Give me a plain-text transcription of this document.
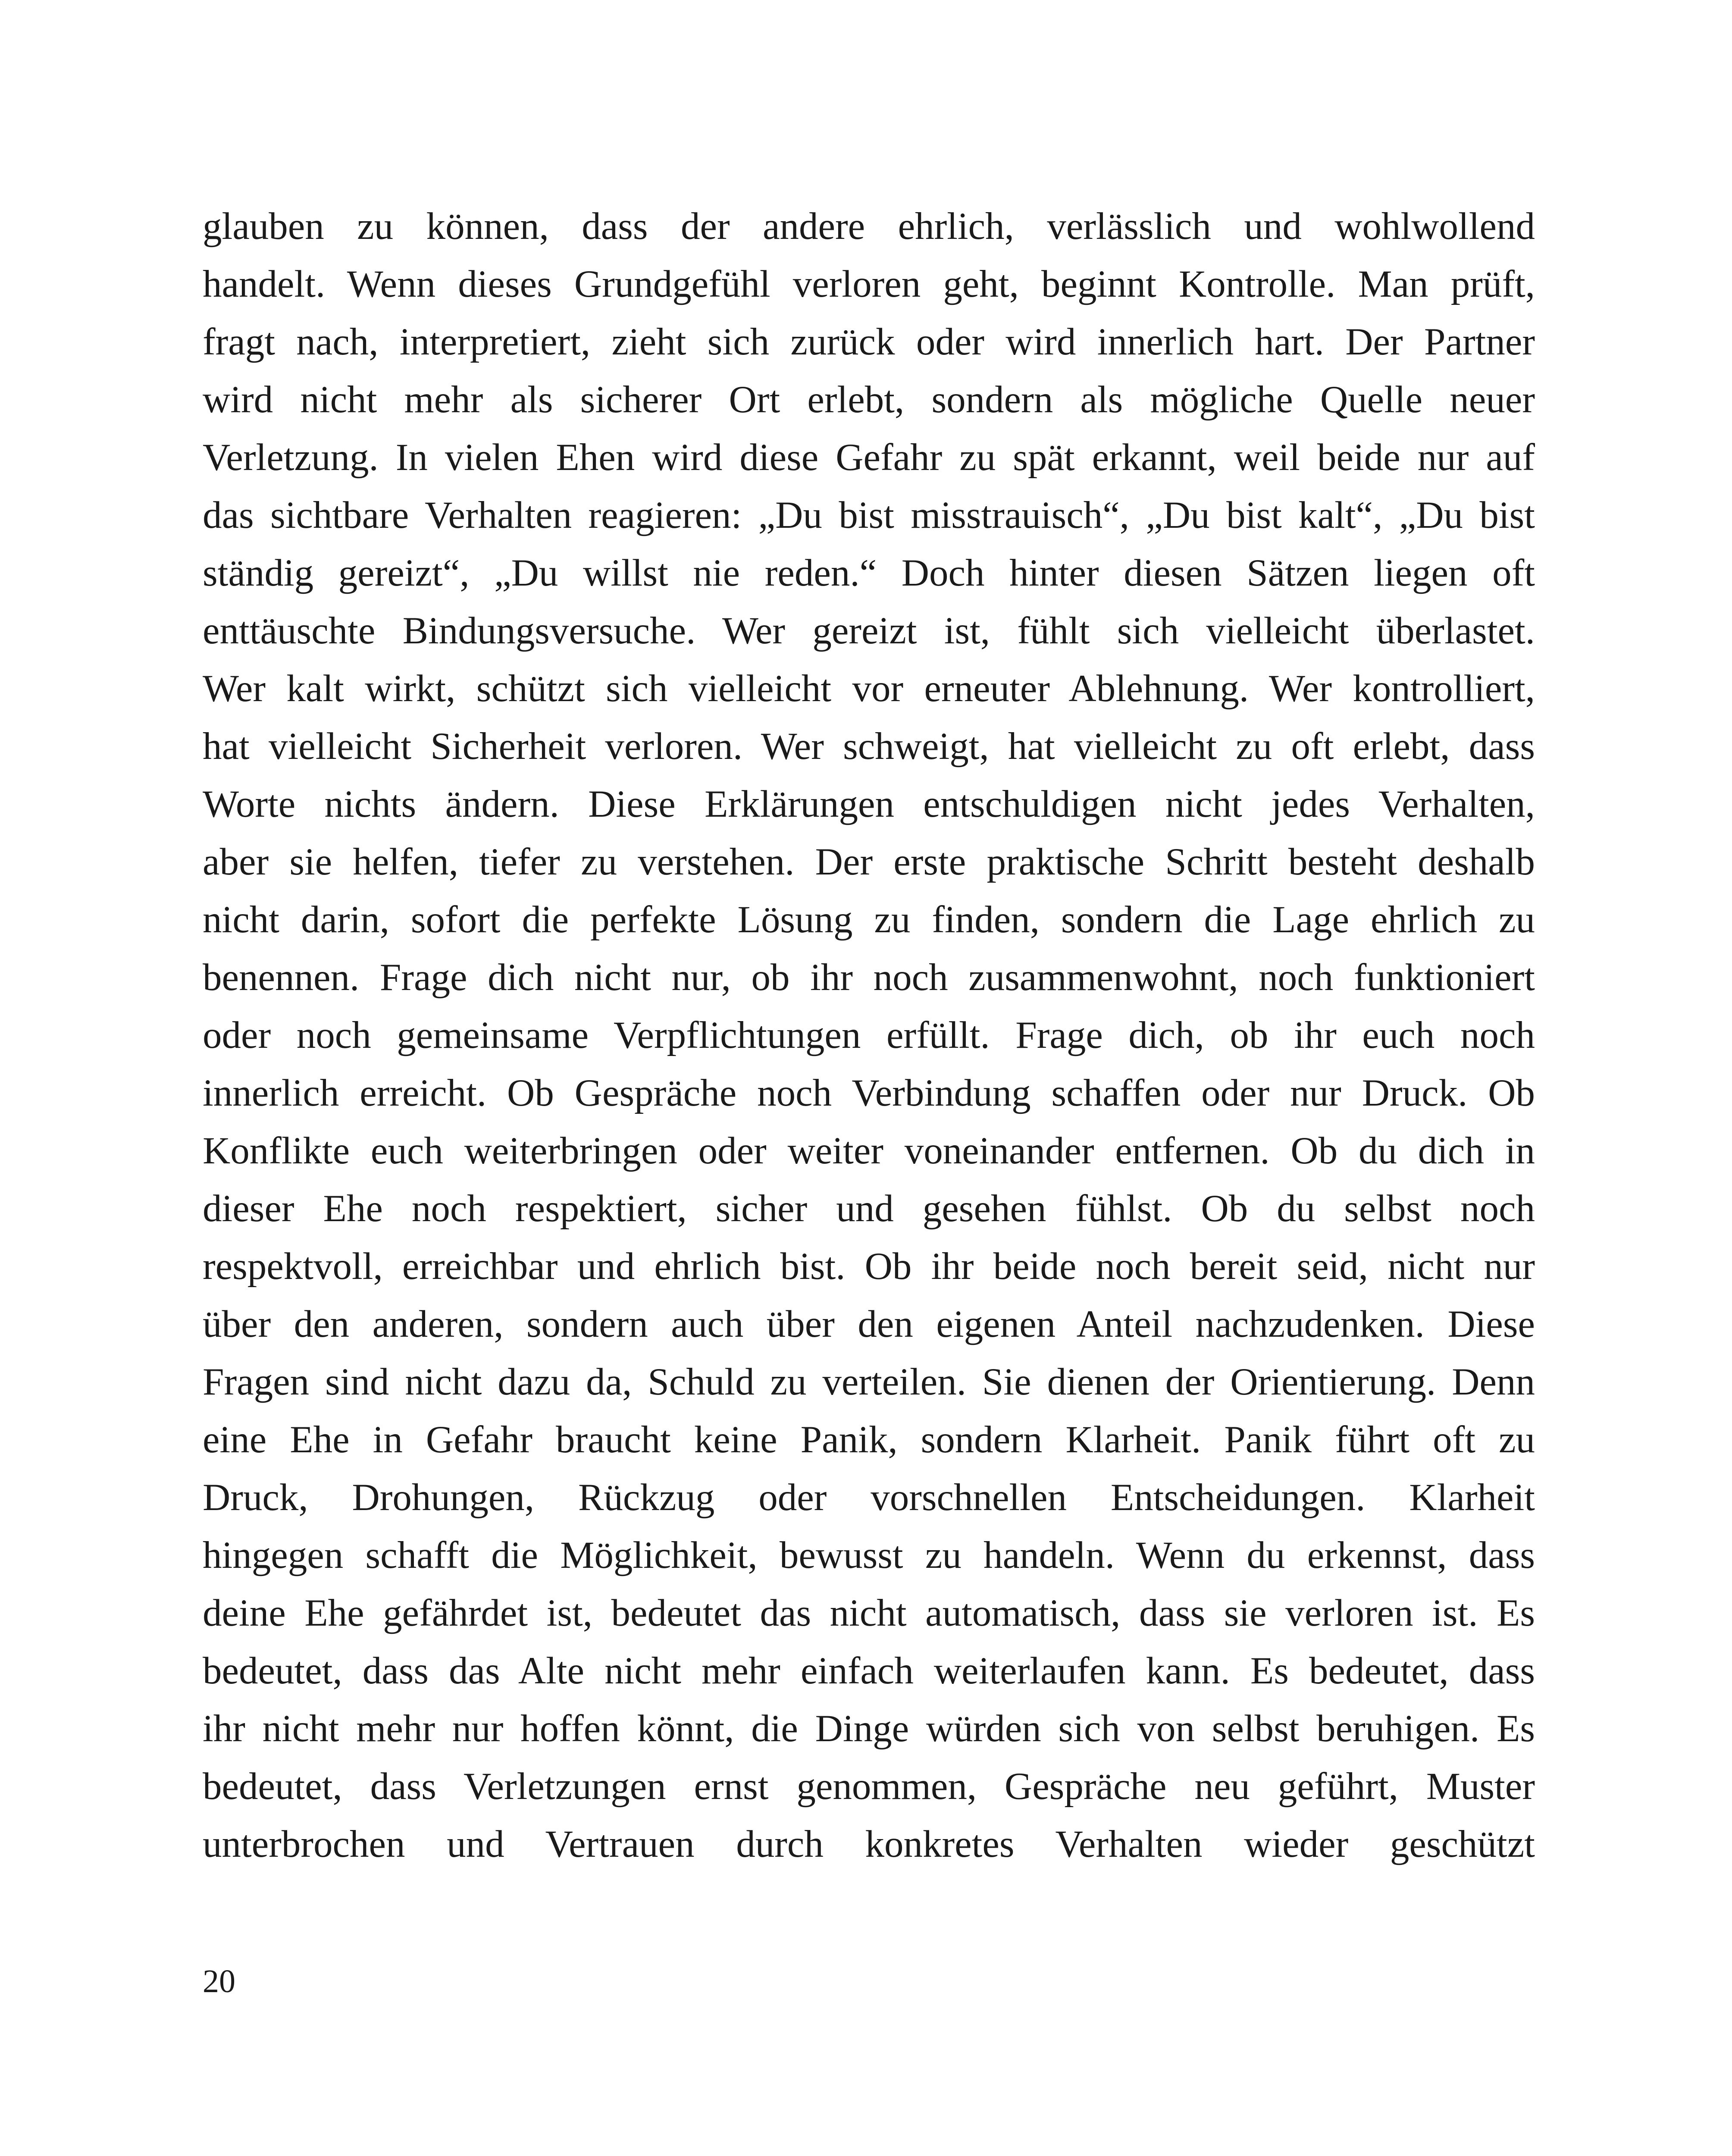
glauben zu können, dass der andere ehrlich, verlässlich und wohlwollend
handelt. Wenn dieses Grundgefühl verloren geht, beginnt Kontrolle. Man prüft,
fragt nach, interpretiert, zieht sich zurück oder wird innerlich hart. Der Partner
wird nicht mehr als sicherer Ort erlebt, sondern als mögliche Quelle neuer
Verletzung. In vielen Ehen wird diese Gefahr zu spät erkannt, weil beide nur auf
das sichtbare Verhalten reagieren: „Du bist misstrauisch“, „Du bist kalt“, „Du bist
ständig gereizt“, „Du willst nie reden.“ Doch hinter diesen Sätzen liegen oft
enttäuschte Bindungsversuche. Wer gereizt ist, fühlt sich vielleicht überlastet.
Wer kalt wirkt, schützt sich vielleicht vor erneuter Ablehnung. Wer kontrolliert,
hat vielleicht Sicherheit verloren. Wer schweigt, hat vielleicht zu oft erlebt, dass
Worte nichts ändern. Diese Erklärungen entschuldigen nicht jedes Verhalten,
aber sie helfen, tiefer zu verstehen. Der erste praktische Schritt besteht deshalb
nicht darin, sofort die perfekte Lösung zu finden, sondern die Lage ehrlich zu
benennen. Frage dich nicht nur, ob ihr noch zusammenwohnt, noch funktioniert
oder noch gemeinsame Verpflichtungen erfüllt. Frage dich, ob ihr euch noch
innerlich erreicht. Ob Gespräche noch Verbindung schaffen oder nur Druck. Ob
Konflikte euch weiterbringen oder weiter voneinander entfernen. Ob du dich in
dieser Ehe noch respektiert, sicher und gesehen fühlst. Ob du selbst noch
respektvoll, erreichbar und ehrlich bist. Ob ihr beide noch bereit seid, nicht nur
über den anderen, sondern auch über den eigenen Anteil nachzudenken. Diese
Fragen sind nicht dazu da, Schuld zu verteilen. Sie dienen der Orientierung. Denn
eine Ehe in Gefahr braucht keine Panik, sondern Klarheit. Panik führt oft zu
Druck, Drohungen, Rückzug oder vorschnellen Entscheidungen. Klarheit
hingegen schafft die Möglichkeit, bewusst zu handeln. Wenn du erkennst, dass
deine Ehe gefährdet ist, bedeutet das nicht automatisch, dass sie verloren ist. Es
bedeutet, dass das Alte nicht mehr einfach weiterlaufen kann. Es bedeutet, dass
ihr nicht mehr nur hoffen könnt, die Dinge würden sich von selbst beruhigen. Es
bedeutet, dass Verletzungen ernst genommen, Gespräche neu geführt, Muster
unterbrochen und Vertrauen durch konkretes Verhalten wieder geschützt
20
